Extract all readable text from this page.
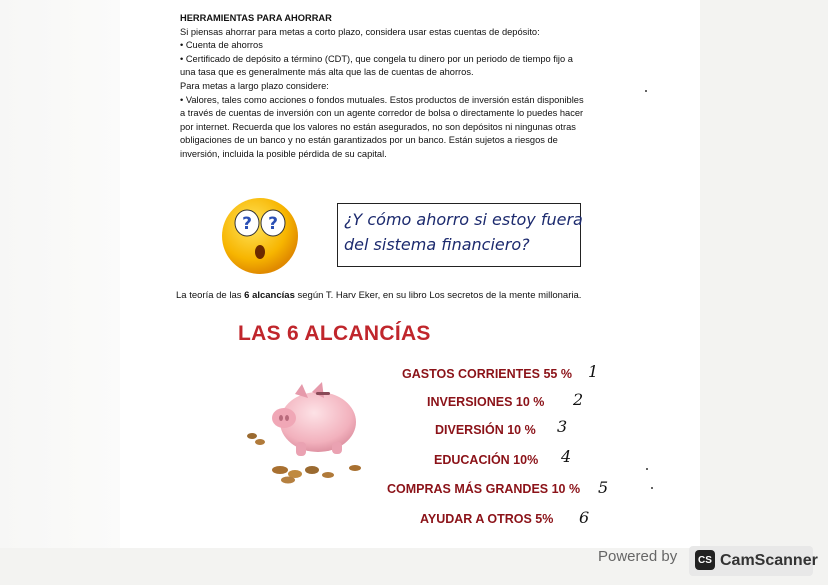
HERRAMIENTAS PARA AHORRAR
Si piensas ahorrar para metas a corto plazo, considera usar estas cuentas de depósito:
• Cuenta de ahorros
• Certificado de depósito a término (CDT), que congela tu dinero por un periodo de tiempo fijo a
una tasa que es generalmente más alta que las de cuentas de ahorros.
Para metas a largo plazo considere:
• Valores, tales como acciones o fondos mutuales. Estos productos de inversión están disponibles
a través de cuentas de inversión con un agente corredor de bolsa o directamente lo puedes hacer
por internet. Recuerda que los valores no están asegurados, no son depósitos ni ningunas otras
obligaciones de un banco y no están garantizados por un banco. Están sujetos a riesgos de
inversión, incluida la posible pérdida de su capital.
? ?	¿Y cómo ahorro si estoy fuera
del sistema financiero?
La teoría de las 6 alcancías según T. Harv Eker, en su libro Los secretos de la mente millonaria.
LAS 6 ALCANCÍAS
GASTOS CORRIENTES 55 % 1
INVERSIONES 10 % 2
DIVERSIÓN 10 % 3
EDUCACIÓN 10% 4
COMPRAS MÁS GRANDES 10 % 5
AYUDAR A OTROS 5% 6
Powered by	CS CamScanner
